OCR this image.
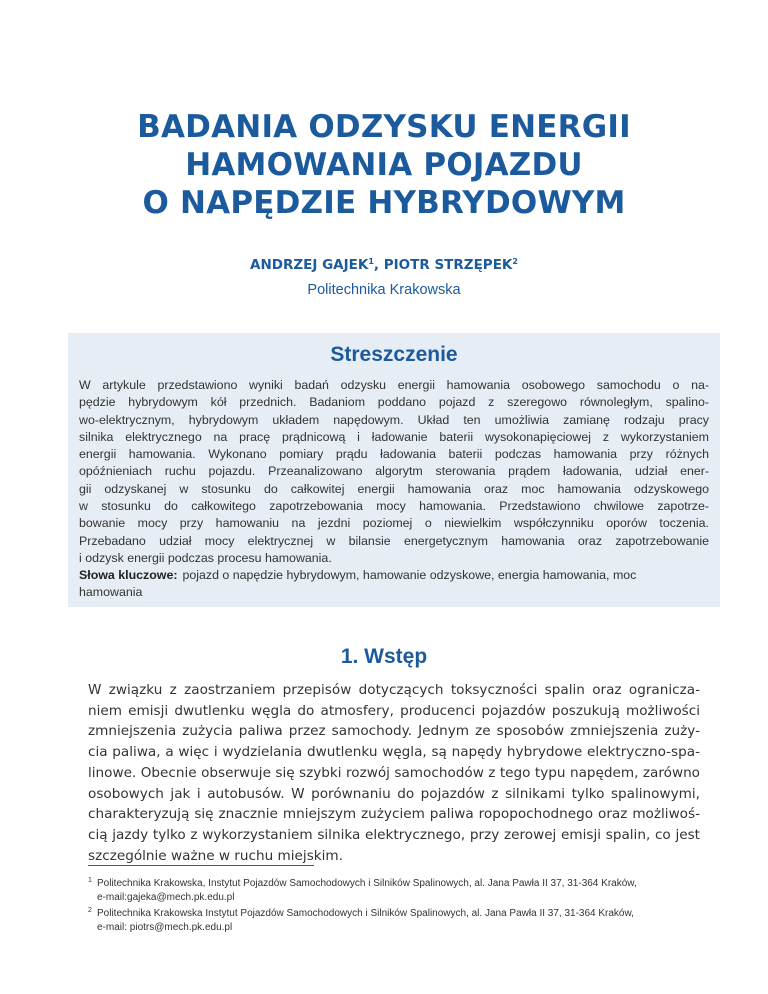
BADANIA ODZYSKU ENERGII
HAMOWANIA POJAZDU
O NAPĘDZIE HYBRYDOWYM
ANDRZEJ GAJEK$^1$, PIOTR STRZĘPEK$^2$
Politechnika Krakowska
Streszczenie
W artykule przedstawiono wyniki badań odzysku energii hamowania osobowego samochodu o na-
pędzie hybrydowym kół przednich. Badaniom poddano pojazd z szeregowo równoległym, spalino-
wo-elektrycznym, hybrydowym układem napędowym. Układ ten umożliwia zamianę rodzaju pracy
silnika elektrycznego na pracę prądnicową i ładowanie baterii wysokonapięciowej z wykorzystaniem
energii hamowania. Wykonano pomiary prądu ładowania baterii podczas hamowania przy różnych
opóźnieniach ruchu pojazdu. Przeanalizowano algorytm sterowania prądem ładowania, udział ener-
gii odzyskanej w stosunku do całkowitej energii hamowania oraz moc hamowania odzyskowego
w stosunku do całkowitego zapotrzebowania mocy hamowania. Przedstawiono chwilowe zapotrze-
bowanie mocy przy hamowaniu na jezdni poziomej o niewielkim współczynniku oporów toczenia.
Przebadano udział mocy elektrycznej w bilansie energetycznym hamowania oraz zapotrzebowanie
i odzysk energii podczas procesu hamowania.
Słowa kluczowe: pojazd o napędzie hybrydowym, hamowanie odzyskowe, energia hamowania, moc
hamowania
1. Wstęp
W związku z zaostrzaniem przepisów dotyczących toksyczności spalin oraz ogranicza-
niem emisji dwutlenku węgla do atmosfery, producenci pojazdów poszukują możliwości
zmniejszenia zużycia paliwa przez samochody. Jednym ze sposobów zmniejszenia zuży-
cia paliwa, a więc i wydzielania dwutlenku węgla, są napędy hybrydowe elektryczno-spa-
linowe. Obecnie obserwuje się szybki rozwój samochodów z tego typu napędem, zarówno
osobowych jak i autobusów. W porównaniu do pojazdów z silnikami tylko spalinowymi,
charakteryzują się znacznie mniejszym zużyciem paliwa ropopochodnego oraz możliwoś-
cią jazdy tylko z wykorzystaniem silnika elektrycznego, przy zerowej emisji spalin, co jest
szczególnie ważne w ruchu miejskim.
1 Politechnika Krakowska, Instytut Pojazdów Samochodowych i Silników Spalinowych, al. Jana Pawła II 37, 31-364 Kraków,
e-mail:gajeka@mech.pk.edu.pl
2 Politechnika Krakowska Instytut Pojazdów Samochodowych i Silników Spalinowych, al. Jana Pawła II 37, 31-364 Kraków,
e-mail: piotrs@mech.pk.edu.pl
